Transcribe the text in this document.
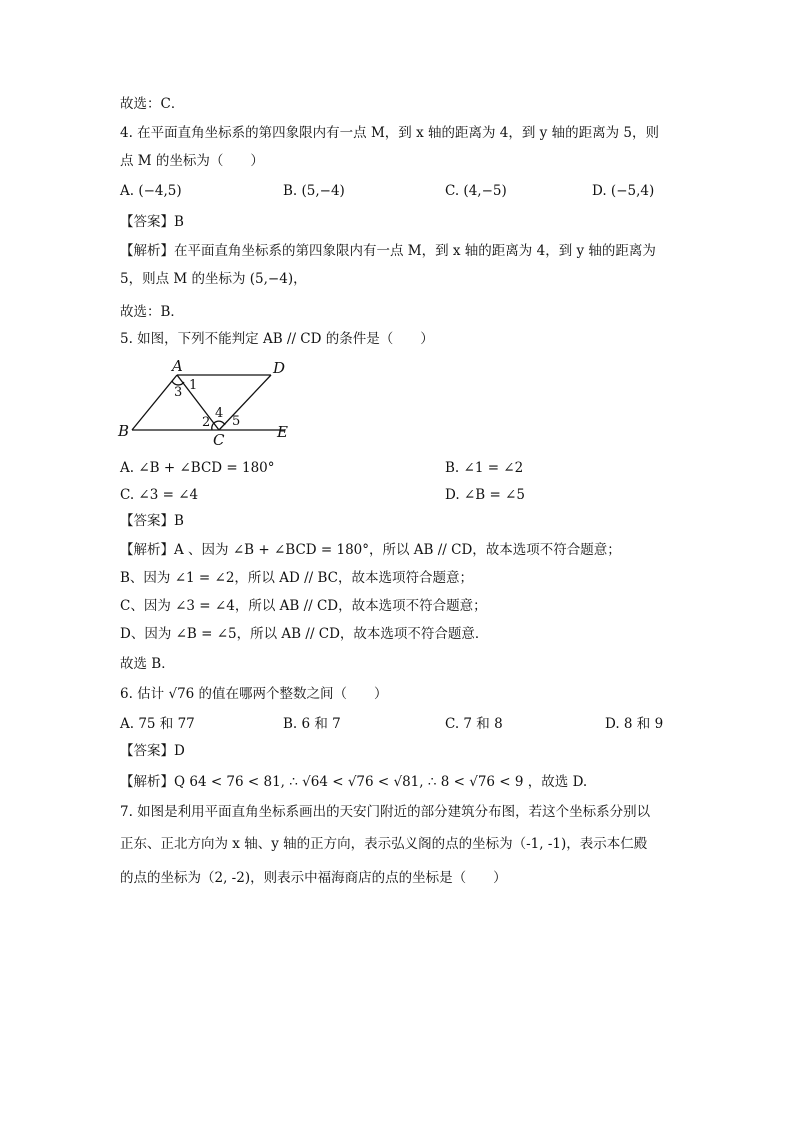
故选：C．
4. 在平面直角坐标系的第四象限内有一点 M，到 x 轴的距离为 4，到 y 轴的距离为 5，则
点 M 的坐标为（　　）
A. (−4,5)	B. (5,−4)	C. (4,−5)	D. (−5,4)
【答案】B
【解析】在平面直角坐标系的第四象限内有一点 M，到 x 轴的距离为 4，到 y 轴的距离为
5，则点 M 的坐标为 (5,−4)，
故选：B．
5. 如图，下列不能判定 AB // CD 的条件是（　　）
A	D
B	C	E
1
3
2
4
5
A. ∠B + ∠BCD = 180°	B. ∠1 = ∠2
C. ∠3 = ∠4	D. ∠B = ∠5
【答案】B
【解析】A 、因为 ∠B + ∠BCD = 180°，所以 AB // CD，故本选项不符合题意；
B、因为 ∠1 = ∠2，所以 AD // BC，故本选项符合题意；
C、因为 ∠3 = ∠4，所以 AB // CD，故本选项不符合题意；
D、因为 ∠B = ∠5，所以 AB // CD，故本选项不符合题意．
故选 B．
6. 估计 √76 的值在哪两个整数之间（　　）
A. 75 和 77	B. 6 和 7	C. 7 和 8	D. 8 和 9
【答案】D
【解析】Q 64 < 76 < 81, ∴ √64 < √76 < √81, ∴ 8 < √76 < 9 ，故选 D.
7. 如图是利用平面直角坐标系画出的天安门附近的部分建筑分布图，若这个坐标系分别以
正东、正北方向为 x 轴、y 轴的正方向，表示弘义阁的点的坐标为（-1, -1)，表示本仁殿
的点的坐标为（2, -2)，则表示中福海商店的点的坐标是（　　）
